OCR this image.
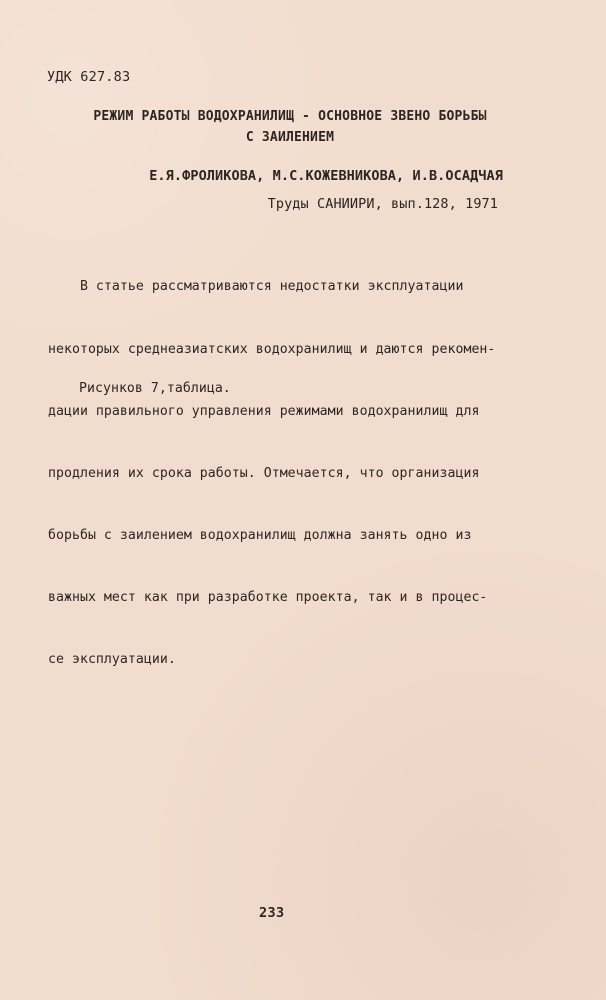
УДК 627.83
РЕЖИМ РАБОТЫ ВОДОХРАНИЛИЩ - ОСНОВНОЕ ЗВЕНО БОРЬБЫ
С ЗАИЛЕНИЕМ
Е.Я.ФРОЛИКОВА, М.С.КОЖЕВНИКОВА, И.В.ОСАДЧАЯ
Труды САНИИРИ, вып.128, 1971

В статье рассматриваются недостатки эксплуатации

некоторых среднеазиатских водохранилищ и даются рекомен-

дации правильного управления режимами водохранилищ для

продления их срока работы. Отмечается, что организация

борьбы с заилением водохранилищ должна занять одно из

важных мест как при разработке проекта, так и в процес-

се эксплуатации.

Рисунков 7,таблица.
233
